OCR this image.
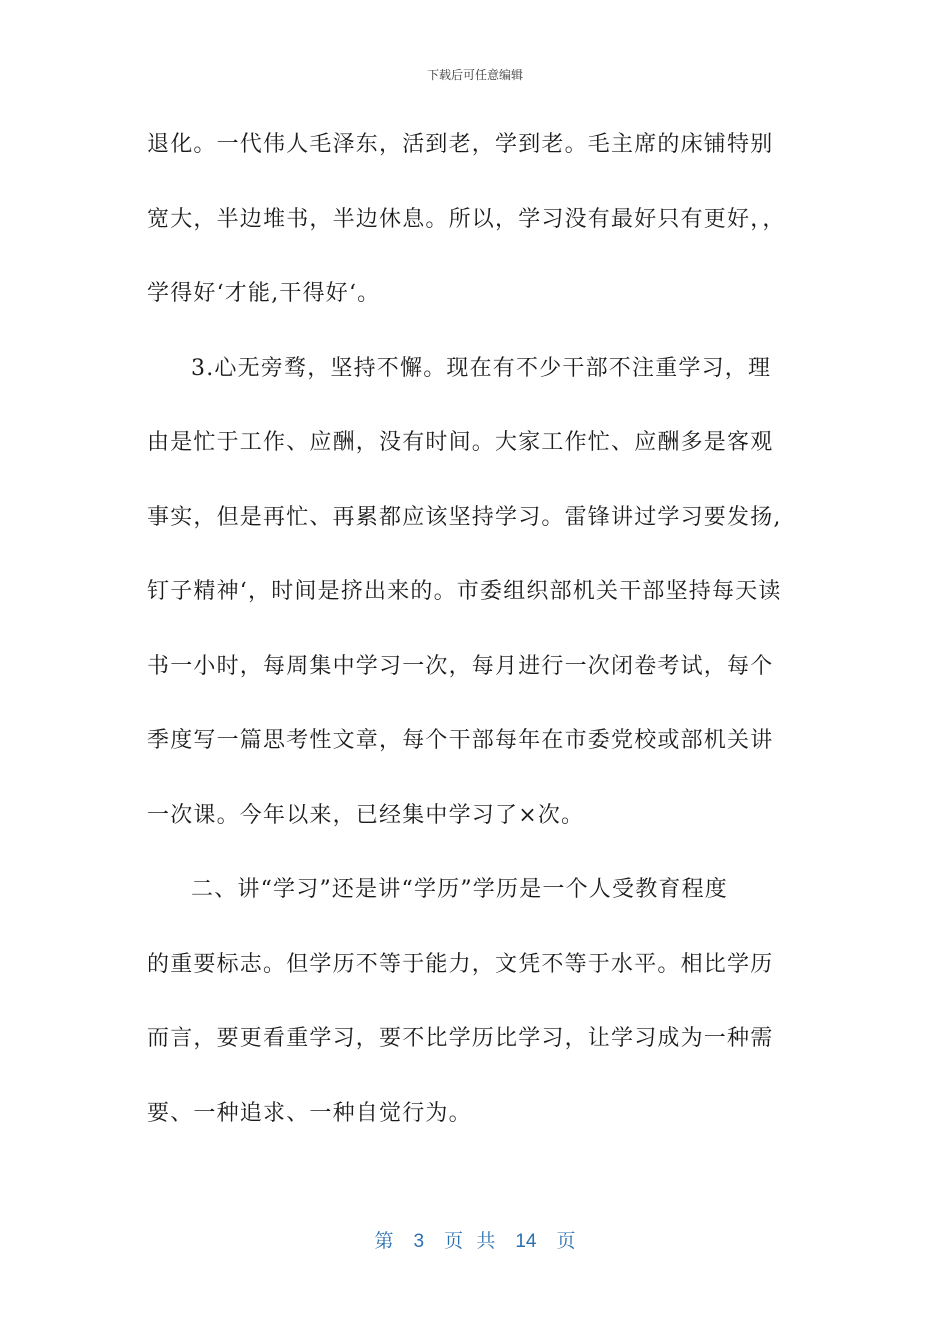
下载后可任意编辑
退化。一代伟人毛泽东，活到老，学到老。毛主席的床铺特别
宽大，半边堆书，半边休息。所以，学习没有最好只有更好，，
学得好‘才能,干得好‘。
3.心无旁骛，坚持不懈。现在有不少干部不注重学习，理
由是忙于工作、应酬，没有时间。大家工作忙、应酬多是客观
事实，但是再忙、再累都应该坚持学习。雷锋讲过学习要发扬,
钉子精神‘，时间是挤出来的。市委组织部机关干部坚持每天读
书一小时，每周集中学习一次，每月进行一次闭卷考试，每个
季度写一篇思考性文章，每个干部每年在市委党校或部机关讲
一次课。今年以来，已经集中学习了×次。
二、讲“学习”还是讲“学历”学历是一个人受教育程度
的重要标志。但学历不等于能力，文凭不等于水平。相比学历
而言，要更看重学习，要不比学历比学习，让学习成为一种需
要、一种追求、一种自觉行为。
第 3 页 共 14 页
